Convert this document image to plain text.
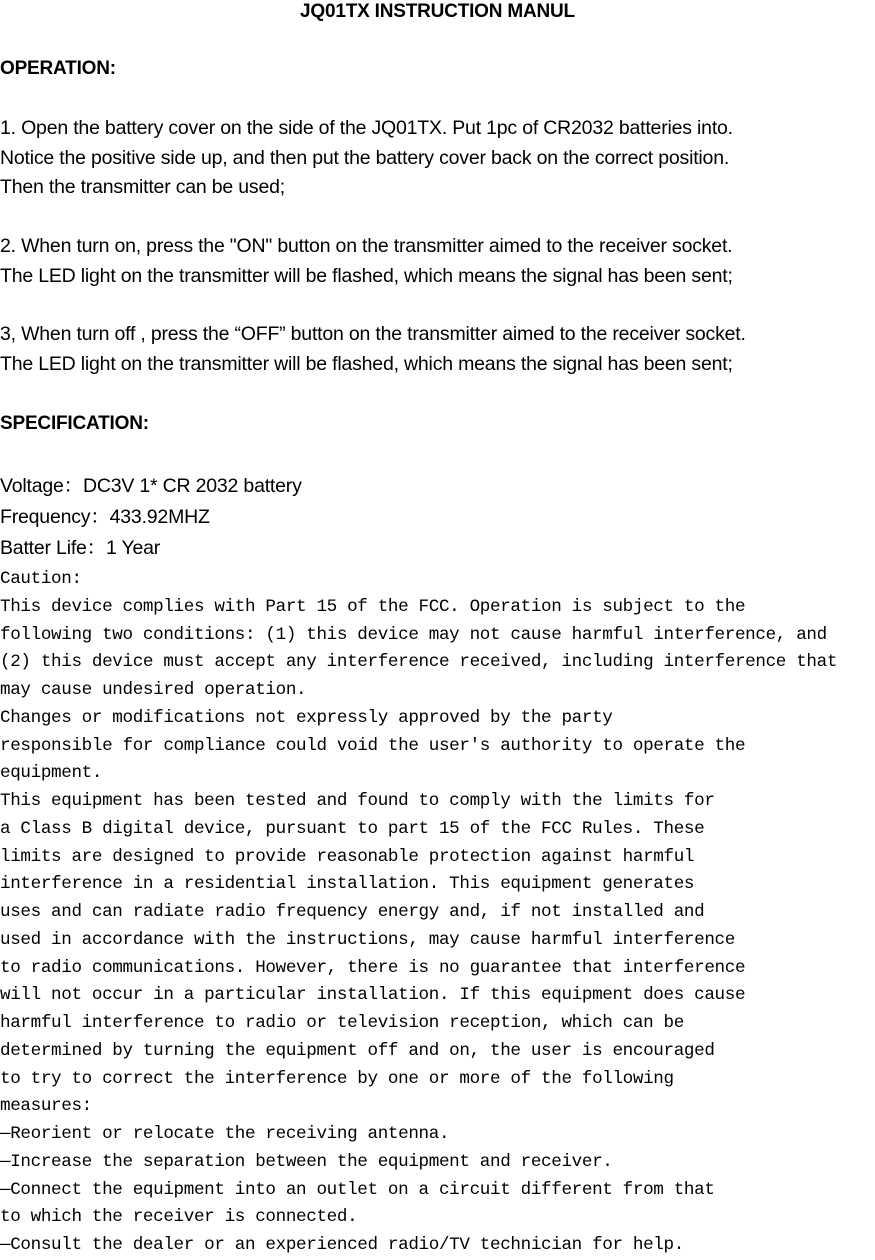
JQ01TX INSTRUCTION MANUL
OPERATION:
1. Open the battery cover on the side of the JQ01TX. Put 1pc of CR2032 batteries into.
Notice the positive side up, and then put the battery cover back on the correct position.
Then the transmitter can be used;
2. When turn on, press the "ON" button on the transmitter aimed to the receiver socket.
The LED light on the transmitter will be flashed, which means the signal has been sent;
3, When turn off , press the “OFF” button on the transmitter aimed to the receiver socket.
The LED light on the transmitter will be flashed, which means the signal has been sent;
SPECIFICATION:
Voltage：DC3V 1* CR 2032 battery
Frequency：433.92MHZ
Batter Life：1 Year
Caution:
This device complies with Part 15 of the FCC. Operation is subject to the
following two conditions: (1) this device may not cause harmful interference, and
(2) this device must accept any interference received, including interference that
may cause undesired operation.
Changes or modifications not expressly approved by the party
responsible for compliance could void the user's authority to operate the
equipment.
This equipment has been tested and found to comply with the limits for
a Class B digital device, pursuant to part 15 of the FCC Rules. These
limits are designed to provide reasonable protection against harmful
interference in a residential installation. This equipment generates
uses and can radiate radio frequency energy and, if not installed and
used in accordance with the instructions, may cause harmful interference
to radio communications. However, there is no guarantee that interference
will not occur in a particular installation. If this equipment does cause
harmful interference to radio or television reception, which can be
determined by turning the equipment off and on, the user is encouraged
to try to correct the interference by one or more of the following
measures:
—Reorient or relocate the receiving antenna.
—Increase the separation between the equipment and receiver.
—Connect the equipment into an outlet on a circuit different from that
to which the receiver is connected.
—Consult the dealer or an experienced radio/TV technician for help.
